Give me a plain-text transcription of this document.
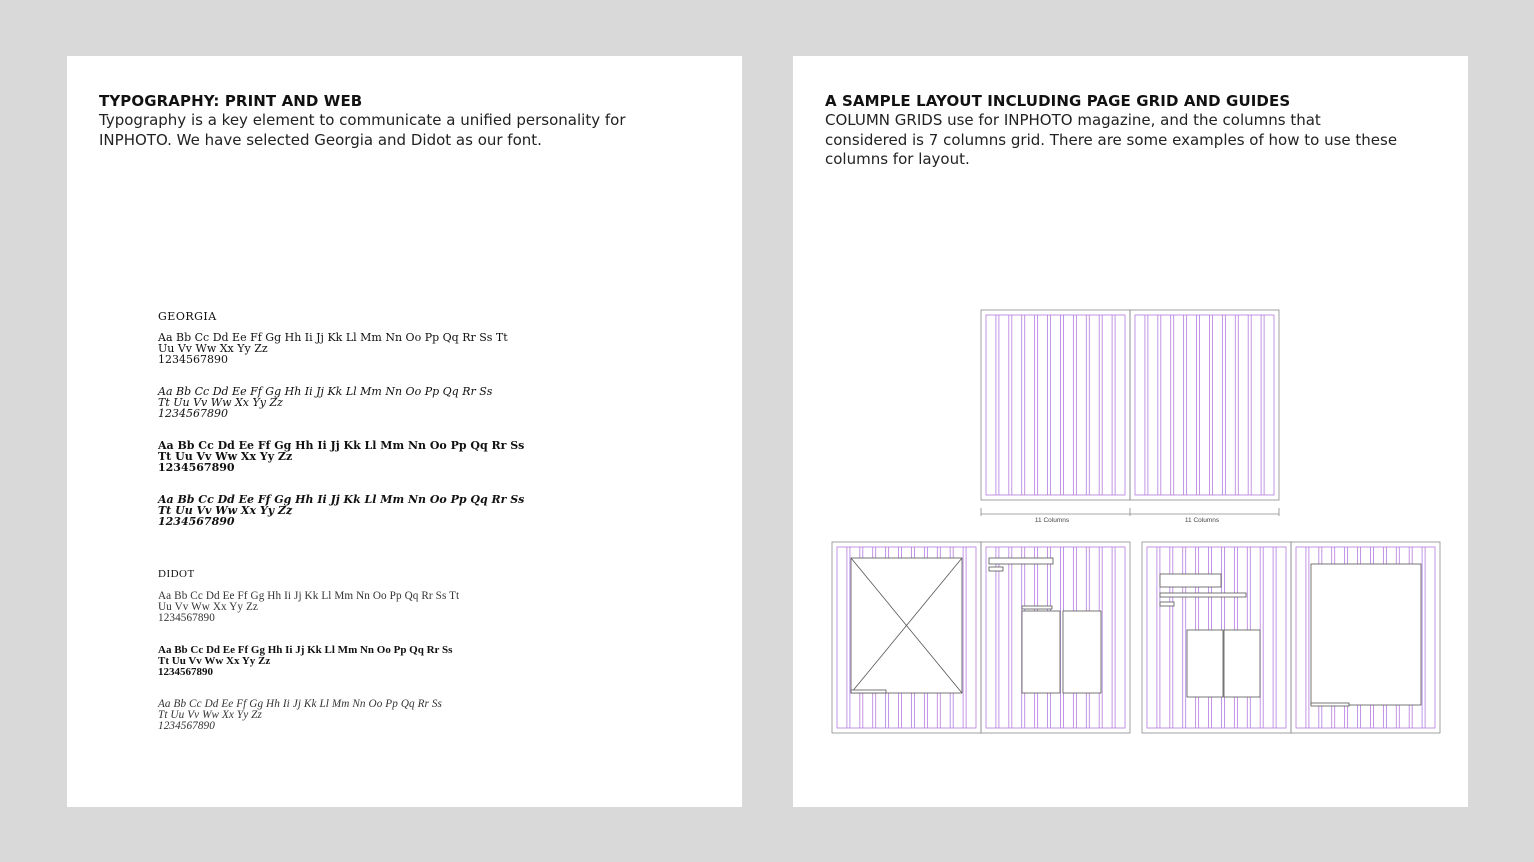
TYPOGRAPHY: PRINT AND WEB
Typography is a key element to communicate a unified personality for
INPHOTO. We have selected Georgia and Didot as our font.
GEORGIA
Aa Bb Cc Dd Ee Ff Gg Hh Ii Jj Kk Ll Mm Nn Oo Pp Qq Rr Ss Tt
Uu Vv Ww Xx Yy Zz
1234567890
Aa Bb Cc Dd Ee Ff Gg Hh Ii Jj Kk Ll Mm Nn Oo Pp Qq Rr Ss
Tt Uu Vv Ww Xx Yy Zz
1234567890
Aa Bb Cc Dd Ee Ff Gg Hh Ii Jj Kk Ll Mm Nn Oo Pp Qq Rr Ss
Tt Uu Vv Ww Xx Yy Zz
1234567890
Aa Bb Cc Dd Ee Ff Gg Hh Ii Jj Kk Ll Mm Nn Oo Pp Qq Rr Ss
Tt Uu Vv Ww Xx Yy Zz
1234567890
DIDOT
Aa Bb Cc Dd Ee Ff Gg Hh Ii Jj Kk Ll Mm Nn Oo Pp Qq Rr Ss Tt
Uu Vv Ww Xx Yy Zz
1234567890
Aa Bb Cc Dd Ee Ff Gg Hh Ii Jj Kk Ll Mm Nn Oo Pp Qq Rr Ss
Tt Uu Vv Ww Xx Yy Zz
1234567890
Aa Bb Cc Dd Ee Ff Gg Hh Ii Jj Kk Ll Mm Nn Oo Pp Qq Rr Ss
Tt Uu Vv Ww Xx Yy Zz
1234567890
A SAMPLE LAYOUT INCLUDING PAGE GRID AND GUIDES
COLUMN GRIDS use for INPHOTO magazine, and the columns that
considered is 7 columns grid. There are some examples of how to use these
columns for layout.
11 Columns	11 Columns
